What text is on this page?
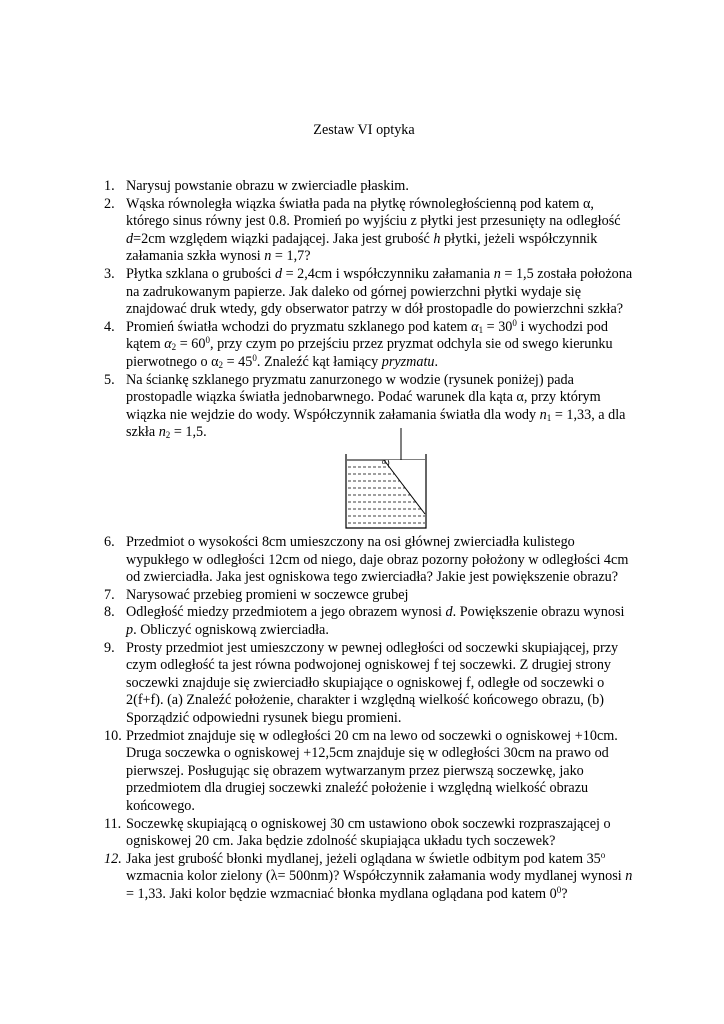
Zestaw VI optyka
1. Narysuj powstanie obrazu w zwierciadle płaskim.
2. Wąska równoległa wiązka światła pada na płytkę równoległościenną pod katem α, którego sinus równy jest 0.8. Promień po wyjściu z płytki jest przesunięty na odległość d=2cm względem wiązki padającej. Jaka jest grubość h płytki, jeżeli współczynnik załamania szkła wynosi n = 1,7?
3. Płytka szklana o grubości d = 2,4cm i współczynniku załamania n = 1,5 została położona na zadrukowanym papierze. Jak daleko od górnej powierzchni płytki wydaje się znajdować druk wtedy, gdy obserwator patrzy w dół prostopadle do powierzchni szkła?
4. Promień światła wchodzi do pryzmatu szklanego pod katem $\alpha_1 = 30^0$ i wychodzi pod kątem $\alpha_2 = 60^0$, przy czym po przejściu przez pryzmat odchyla sie od swego kierunku pierwotnego o $\alpha_2 = 45^0$. Znaleźć kąt łamiący pryzmatu.
5. Na ściankę szklanego pryzmatu zanurzonego w wodzie (rysunek poniżej) pada prostopadle wiązka światła jednobarwnego. Podać warunek dla kąta α, przy którym wiązka nie wejdzie do wody. Współczynnik załamania światła dla wody $n_1 = 1,33$, a dla szkła $n_2 = 1,5$.
α
6. Przedmiot o wysokości 8cm umieszczony na osi głównej zwierciadła kulistego wypukłego w odległości 12cm od niego, daje obraz pozorny położony w odległości 4cm od zwierciadła. Jaka jest ogniskowa tego zwierciadła? Jakie jest powiększenie obrazu?
7. Narysować przebieg promieni w soczewce grubej
8. Odległość miedzy przedmiotem a jego obrazem wynosi d. Powiększenie obrazu wynosi p. Obliczyć ogniskową zwierciadła.
9. Prosty przedmiot jest umieszczony w pewnej odległości od soczewki skupiającej, przy czym odległość ta jest równa podwojonej ogniskowej f tej soczewki. Z drugiej strony soczewki znajduje się zwierciadło skupiające o ogniskowej f, odległe od soczewki o 2(f+f). (a) Znaleźć położenie, charakter i względną wielkość końcowego obrazu, (b) Sporządzić odpowiedni rysunek biegu promieni.
10. Przedmiot znajduje się w odległości 20 cm na lewo od soczewki o ogniskowej +10cm. Druga soczewka o ogniskowej +12,5cm znajduje się w odległości 30cm na prawo od pierwszej. Posługując się obrazem wytwarzanym przez pierwszą soczewkę, jako przedmiotem dla drugiej soczewki znaleźć położenie i względną wielkość obrazu końcowego.
11. Soczewkę skupiającą o ogniskowej 30 cm ustawiono obok soczewki rozpraszającej o ogniskowej 20 cm. Jaka będzie zdolność skupiająca układu tych soczewek?
12. Jaka jest grubość błonki mydlanej, jeżeli oglądana w świetle odbitym pod katem 35$^o$ wzmacnia kolor zielony (λ= 500nm)? Współczynnik załamania wody mydlanej wynosi n = 1,33. Jaki kolor będzie wzmacniać błonka mydlana oglądana pod katem $0^0$?
